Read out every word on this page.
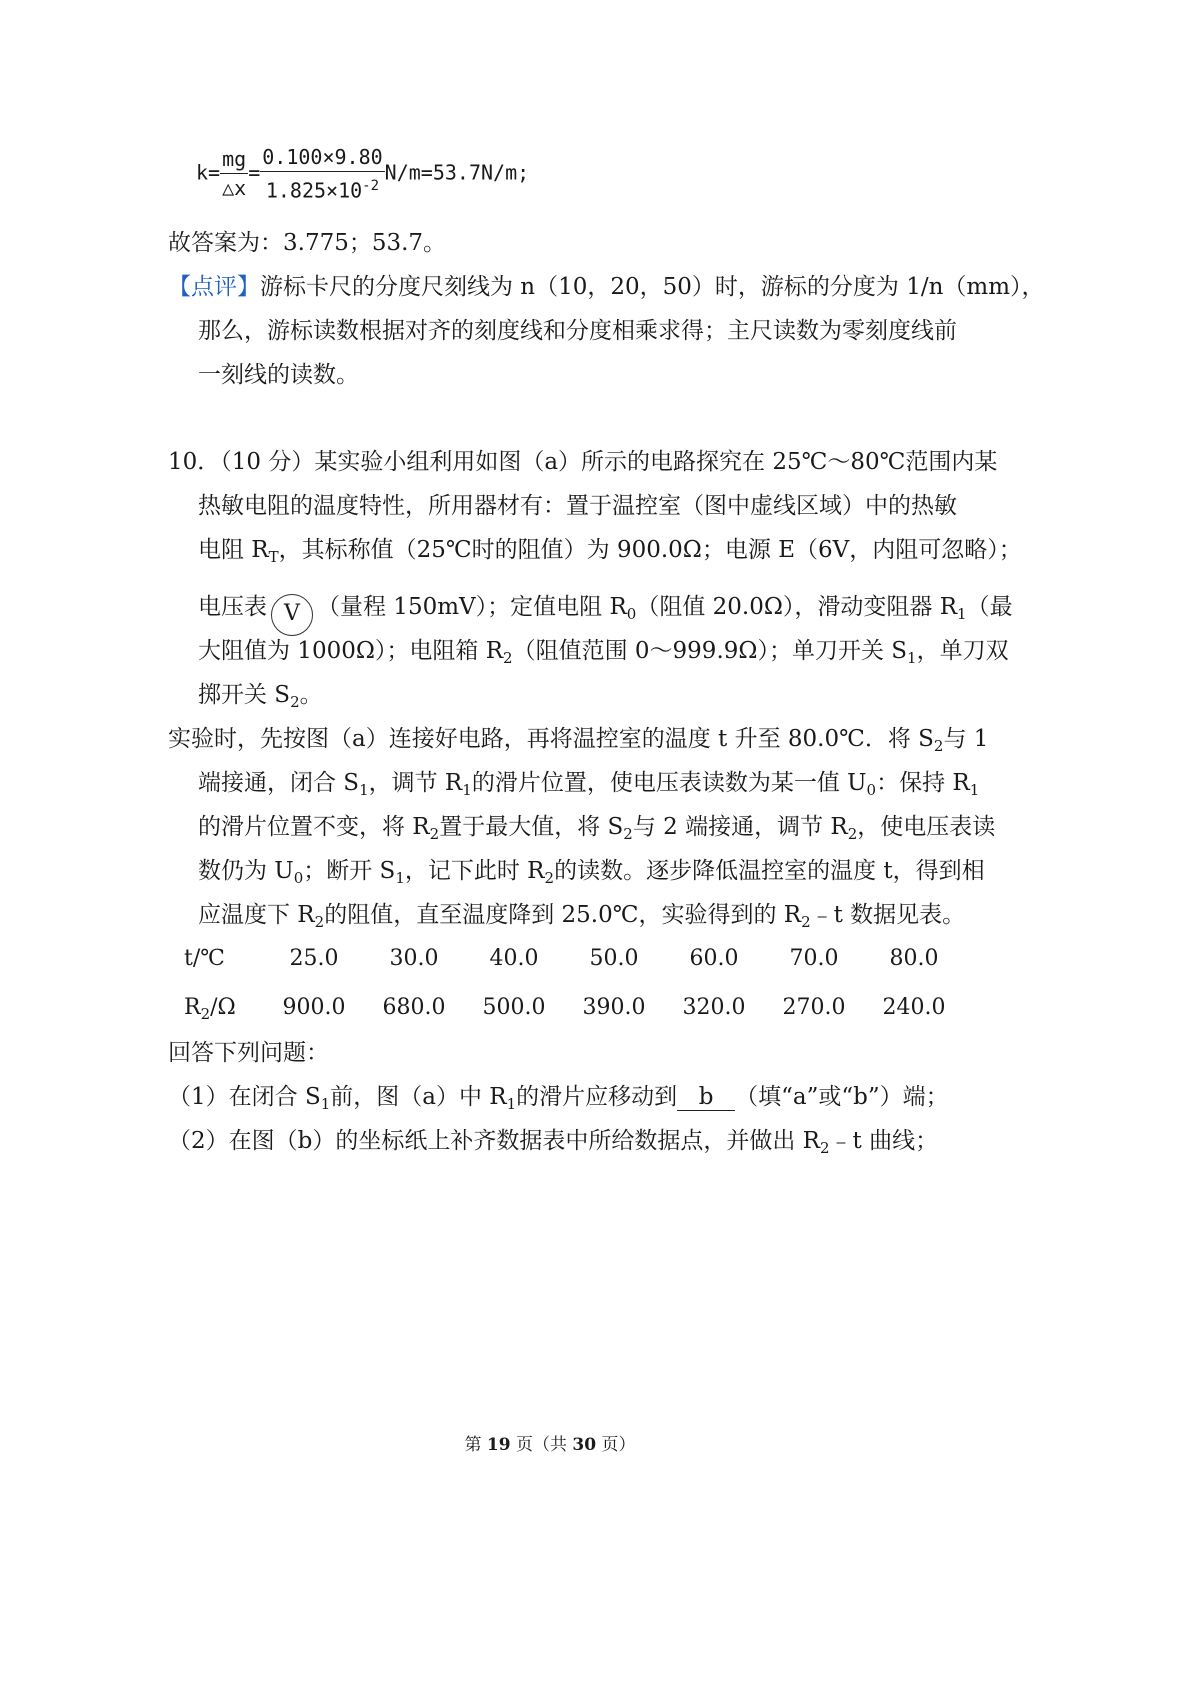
$k= \frac{mg}{\triangle x} = \frac{0.100\times 9.80}{1.825\times 10^{-2}} N/m=53.7N/m$;
故答案为：3.775；53.7。
【点评】游标卡尺的分度尺刻线为 n（10，20，50）时，游标的分度为 1/n（mm），
那么，游标读数根据对齐的刻度线和分度相乘求得；主尺读数为零刻度线前
一刻线的读数。
10．（10 分）某实验小组利用如图（a）所示的电路探究在 25℃～80℃范围内某
热敏电阻的温度特性，所用器材有：置于温控室（图中虚线区域）中的热敏
电阻 $R_T$，其标称值（25℃时的阻值）为 900.0Ω；电源 E（6V，内阻可忽略）；
电压表 V （量程 150mV）；定值电阻 $R_0$（阻值 20.0Ω），滑动变阻器 $R_1$（最
大阻值为 1000Ω）；电阻箱 $R_2$（阻值范围 0～999.9Ω）；单刀开关 $S_1$，单刀双
掷开关 $S_2$。
实验时，先按图（a）连接好电路，再将温控室的温度 t 升至 80.0℃．将 $S_2$与 1
端接通，闭合 $S_1$，调节 $R_1$的滑片位置，使电压表读数为某一值 $U_0$：保持 $R_1$
的滑片位置不变，将 $R_2$置于最大值，将 $S_2$与 2 端接通，调节 $R_2$，使电压表读
数仍为 $U_0$；断开 $S_1$，记下此时 $R_2$的读数。逐步降低温控室的温度 t，得到相
应温度下 $R_2$的阻值，直至温度降到 25.0℃，实验得到的 $R_2﹣t$ 数据见表。
t/℃	25.0	30.0	40.0	50.0	60.0	70.0	80.0
$R_2/\Omega$	900.0	680.0	500.0	390.0	320.0	270.0	240.0
回答下列问题：
（1）在闭合 $S_1$前，图（a）中 $R_1$的滑片应移动到 b （填“a”或“b”）端；
（2）在图（b）的坐标纸上补齐数据表中所给数据点，并做出 $R_2﹣t$ 曲线；
第 19 页（共 30 页）
